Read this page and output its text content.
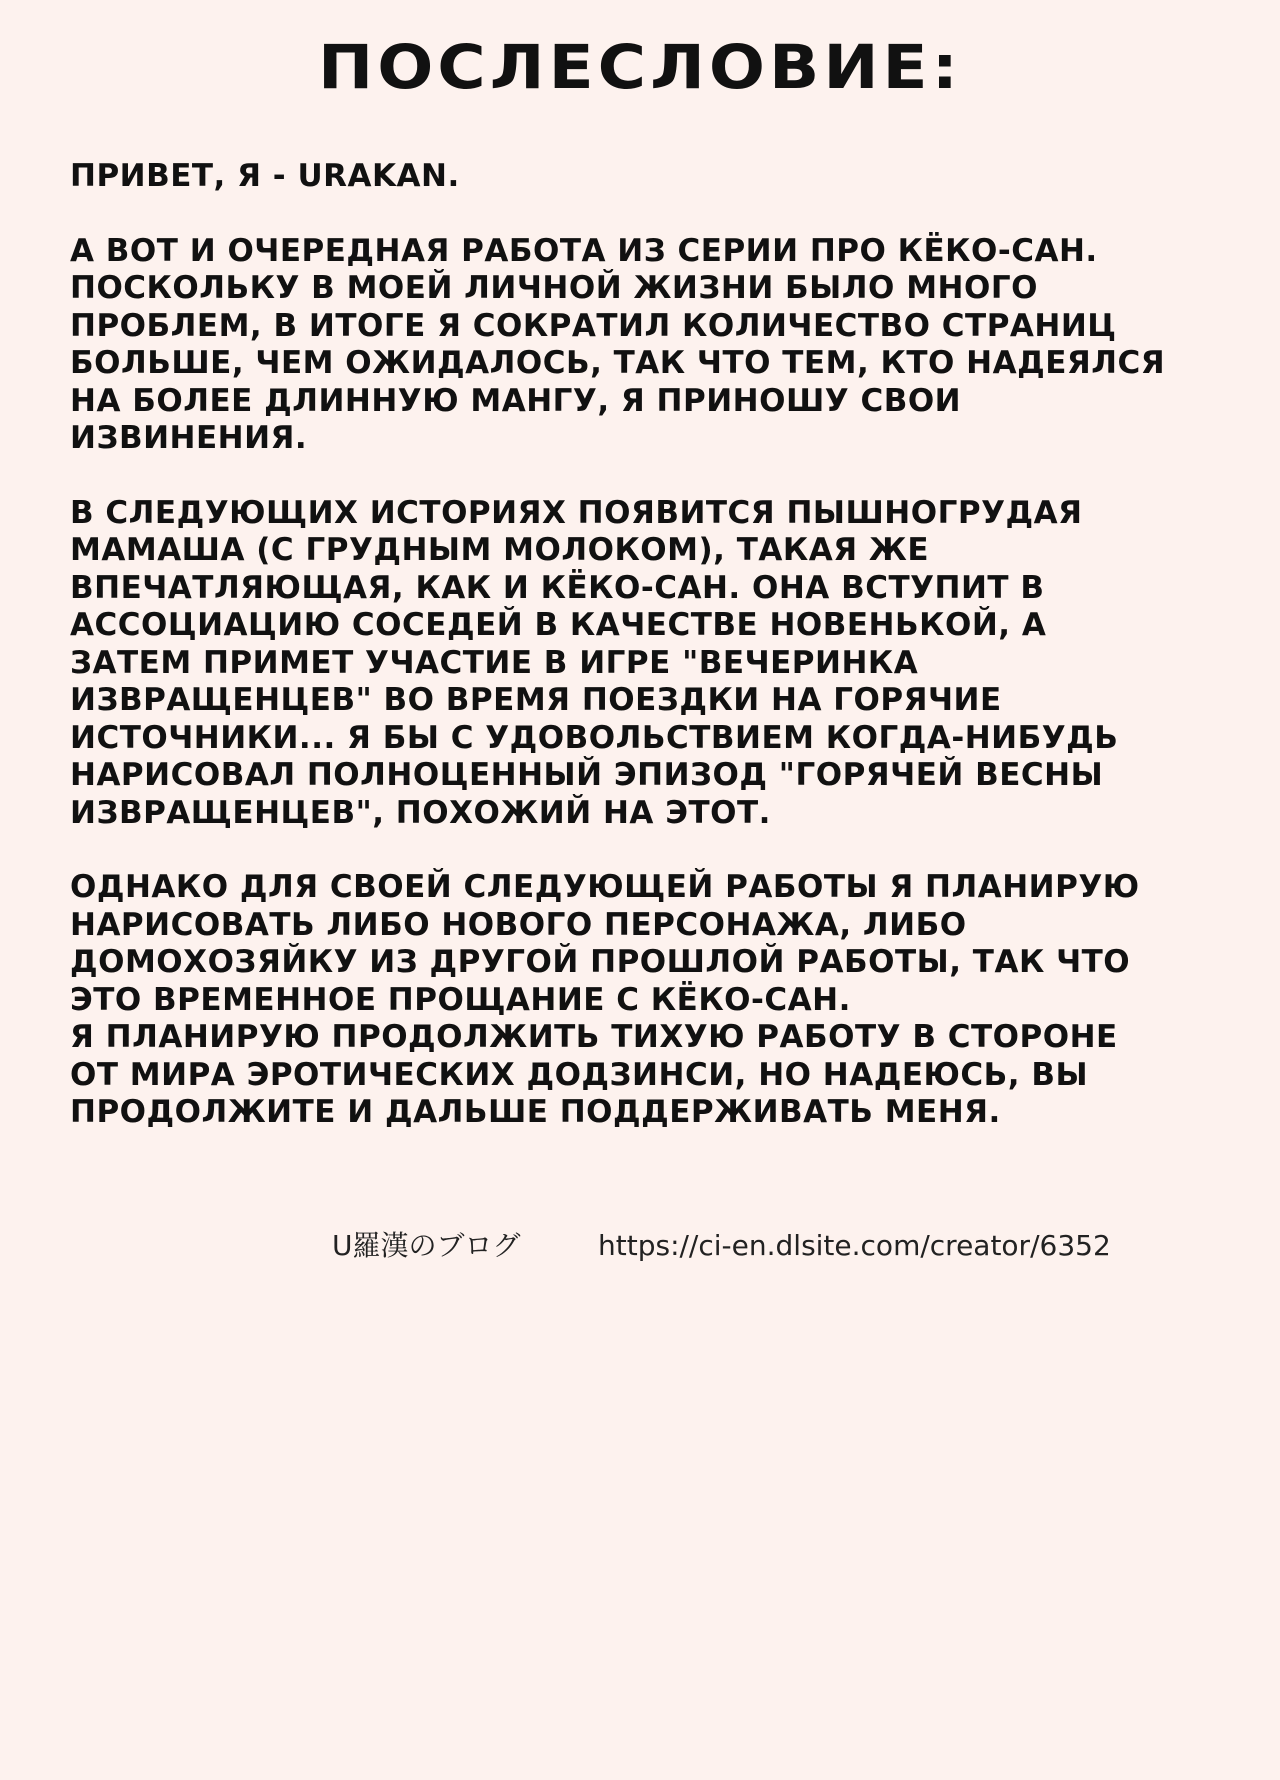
ПОСЛЕСЛОВИЕ:

ПРИВЕТ, Я - URAKAN.

А ВОТ И ОЧЕРЕДНАЯ РАБОТА ИЗ СЕРИИ ПРО КЁКО-САН.
ПОСКОЛЬКУ В МОЕЙ ЛИЧНОЙ ЖИЗНИ БЫЛО МНОГО
ПРОБЛЕМ, В ИТОГЕ Я СОКРАТИЛ КОЛИЧЕСТВО СТРАНИЦ
БОЛЬШЕ, ЧЕМ ОЖИДАЛОСЬ, ТАК ЧТО ТЕМ, КТО НАДЕЯЛСЯ
НА БОЛЕЕ ДЛИННУЮ МАНГУ, Я ПРИНОШУ СВОИ
ИЗВИНЕНИЯ.

В СЛЕДУЮЩИХ ИСТОРИЯХ ПОЯВИТСЯ ПЫШНОГРУДАЯ
МАМАША (С ГРУДНЫМ МОЛОКОМ), ТАКАЯ ЖЕ
ВПЕЧАТЛЯЮЩАЯ, КАК И КЁКО-САН. ОНА ВСТУПИТ В
АССОЦИАЦИЮ СОСЕДЕЙ В КАЧЕСТВЕ НОВЕНЬКОЙ, А
ЗАТЕМ ПРИМЕТ УЧАСТИЕ В ИГРЕ "ВЕЧЕРИНКА
ИЗВРАЩЕНЦЕВ" ВО ВРЕМЯ ПОЕЗДКИ НА ГОРЯЧИЕ
ИСТОЧНИКИ... Я БЫ С УДОВОЛЬСТВИЕМ КОГДА-НИБУДЬ
НАРИСОВАЛ ПОЛНОЦЕННЫЙ ЭПИЗОД "ГОРЯЧЕЙ ВЕСНЫ
ИЗВРАЩЕНЦЕВ", ПОХОЖИЙ НА ЭТОТ.

ОДНАКО ДЛЯ СВОЕЙ СЛЕДУЮЩЕЙ РАБОТЫ Я ПЛАНИРУЮ
НАРИСОВАТЬ ЛИБО НОВОГО ПЕРСОНАЖА, ЛИБО
ДОМОХОЗЯЙКУ ИЗ ДРУГОЙ ПРОШЛОЙ РАБОТЫ, ТАК ЧТО
ЭТО ВРЕМЕННОЕ ПРОЩАНИЕ С КЁКО-САН.
Я ПЛАНИРУЮ ПРОДОЛЖИТЬ ТИХУЮ РАБОТУ В СТОРОНЕ
ОТ МИРА ЭРОТИЧЕСКИХ ДОДЗИНСИ, НО НАДЕЮСЬ, ВЫ
ПРОДОЛЖИТЕ И ДАЛЬШЕ ПОДДЕРЖИВАТЬ МЕНЯ.

U羅漢のブログ	https://ci-en.dlsite.com/creator/6352
